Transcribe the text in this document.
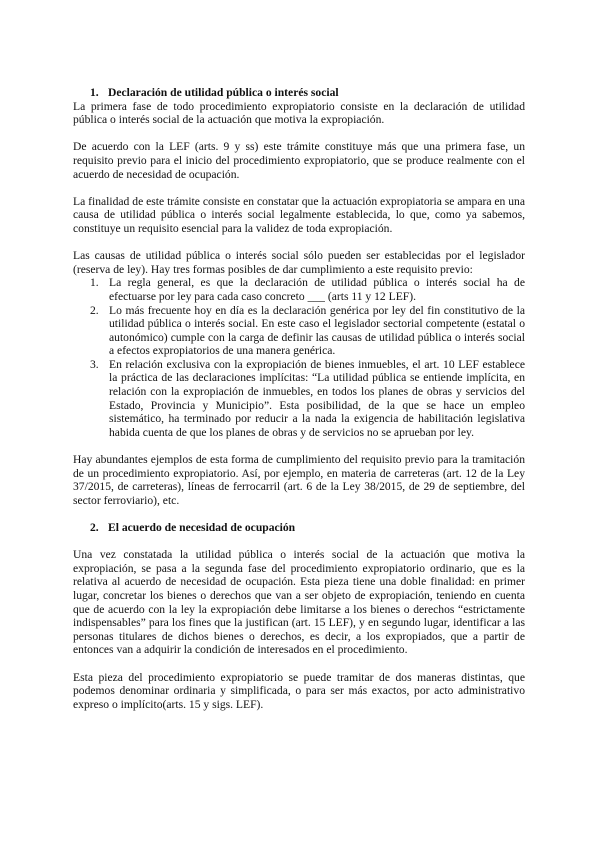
1. Declaración de utilidad pública o interés social

La primera fase de todo procedimiento expropiatorio consiste en la declaración de utilidad pública o interés social de la actuación que motiva la expropiación.

De acuerdo con la LEF (arts. 9 y ss) este trámite constituye más que una primera fase, un requisito previo para el inicio del procedimiento expropiatorio, que se produce realmente con el acuerdo de necesidad de ocupación.

La finalidad de este trámite consiste en constatar que la actuación expropiatoria se ampara en una causa de utilidad pública o interés social legalmente establecida, lo que, como ya sabemos, constituye un requisito esencial para la validez de toda expropiación.

Las causas de utilidad pública o interés social sólo pueden ser establecidas por el legislador (reserva de ley). Hay tres formas posibles de dar cumplimiento a este requisito previo:

1. La regla general, es que la declaración de utilidad pública o interés social ha de efectuarse por ley para cada caso concreto ___ (arts 11 y 12 LEF).
2. Lo más frecuente hoy en día es la declaración genérica por ley del fin constitutivo de la utilidad pública o interés social. En este caso el legislador sectorial competente (estatal o autonómico) cumple con la carga de definir las causas de utilidad pública o interés social a efectos expropiatorios de una manera genérica.
3. En relación exclusiva con la expropiación de bienes inmuebles, el art. 10 LEF establece la práctica de las declaraciones implícitas: “La utilidad pública se entiende implícita, en relación con la expropiación de inmuebles, en todos los planes de obras y servicios del Estado, Provincia y Municipio”. Esta posibilidad, de la que se hace un empleo sistemático, ha terminado por reducir a la nada la exigencia de habilitación legislativa habida cuenta de que los planes de obras y de servicios no se aprueban por ley.

Hay abundantes ejemplos de esta forma de cumplimiento del requisito previo para la tramitación de un procedimiento expropiatorio. Así, por ejemplo, en materia de carreteras (art. 12 de la Ley 37/2015, de carreteras), líneas de ferrocarril (art. 6 de la Ley 38/2015, de 29 de septiembre, del sector ferroviario), etc.

2. El acuerdo de necesidad de ocupación

Una vez constatada la utilidad pública o interés social de la actuación que motiva la expropiación, se pasa a la segunda fase del procedimiento expropiatorio ordinario, que es la relativa al acuerdo de necesidad de ocupación. Esta pieza tiene una doble finalidad: en primer lugar, concretar los bienes o derechos que van a ser objeto de expropiación, teniendo en cuenta que de acuerdo con la ley la expropiación debe limitarse a los bienes o derechos “estrictamente indispensables” para los fines que la justifican (art. 15 LEF), y en segundo lugar, identificar a las personas titulares de dichos bienes o derechos, es decir, a los expropiados, que a partir de entonces van a adquirir la condición de interesados en el procedimiento.

Esta pieza del procedimiento expropiatorio se puede tramitar de dos maneras distintas, que podemos denominar ordinaria y simplificada, o para ser más exactos, por acto administrativo expreso o implícito(arts. 15 y sigs. LEF).
